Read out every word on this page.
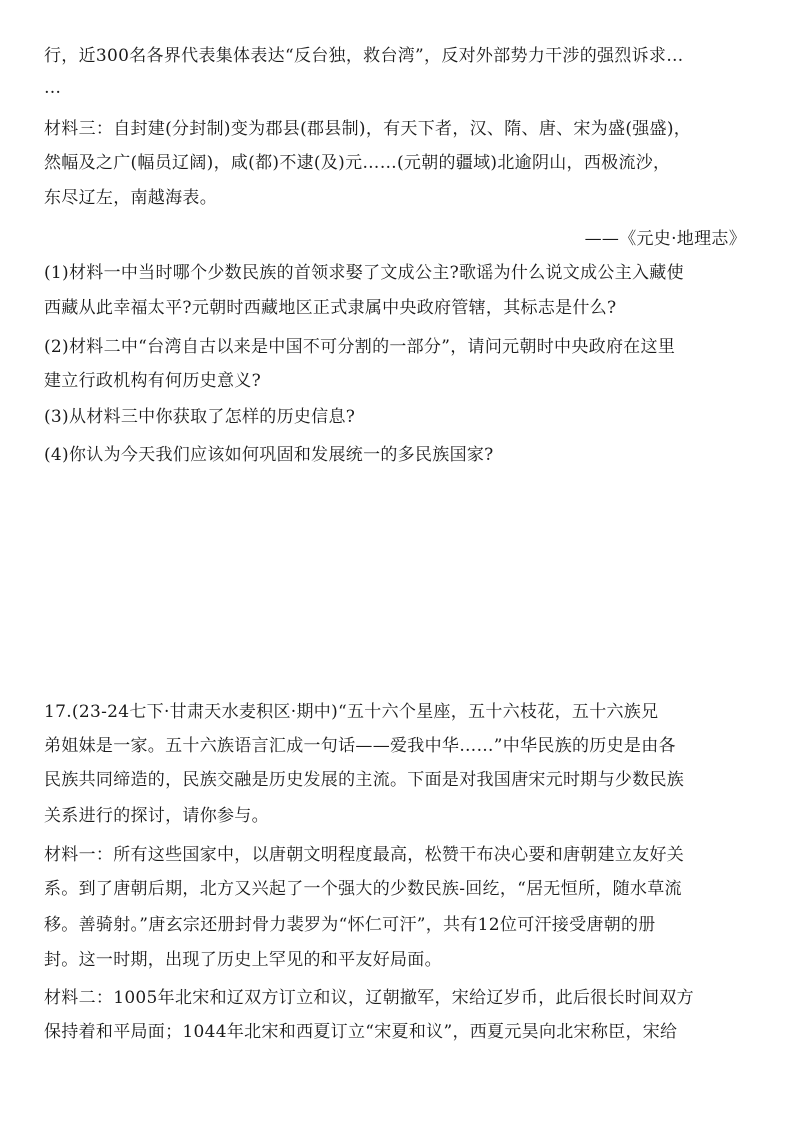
行，近300名各界代表集体表达“反台独，救台湾”，反对外部势力干涉的强烈诉求…
…
材料三：自封建(分封制)变为郡县(郡县制)，有天下者，汉、隋、唐、宋为盛(强盛)，
然幅及之广(幅员辽阔)，咸(都)不逮(及)元……(元朝的疆域)北逾阴山，西极流沙，
东尽辽左，南越海表。
——《元史·地理志》
(1)材料一中当时哪个少数民族的首领求娶了文成公主?歌谣为什么说文成公主入藏使
西藏从此幸福太平?元朝时西藏地区正式隶属中央政府管辖，其标志是什么?
(2)材料二中“台湾自古以来是中国不可分割的一部分”，请问元朝时中央政府在这里
建立行政机构有何历史意义?
(3)从材料三中你获取了怎样的历史信息?
(4)你认为今天我们应该如何巩固和发展统一的多民族国家?
17.(23-24七下·甘肃天水麦积区·期中)“五十六个星座，五十六枝花，五十六族兄
弟姐妹是一家。五十六族语言汇成一句话——爱我中华……”中华民族的历史是由各
民族共同缔造的，民族交融是历史发展的主流。下面是对我国唐宋元时期与少数民族
关系进行的探讨，请你参与。
材料一：所有这些国家中，以唐朝文明程度最高，松赞干布决心要和唐朝建立友好关
系。到了唐朝后期，北方又兴起了一个强大的少数民族-回纥，“居无恒所，随水草流
移。善骑射。”唐玄宗还册封骨力裴罗为“怀仁可汗”，共有12位可汗接受唐朝的册
封。这一时期，出现了历史上罕见的和平友好局面。
材料二：1005年北宋和辽双方订立和议，辽朝撤军，宋给辽岁币，此后很长时间双方
保持着和平局面；1044年北宋和西夏订立“宋夏和议”，西夏元昊向北宋称臣，宋给
